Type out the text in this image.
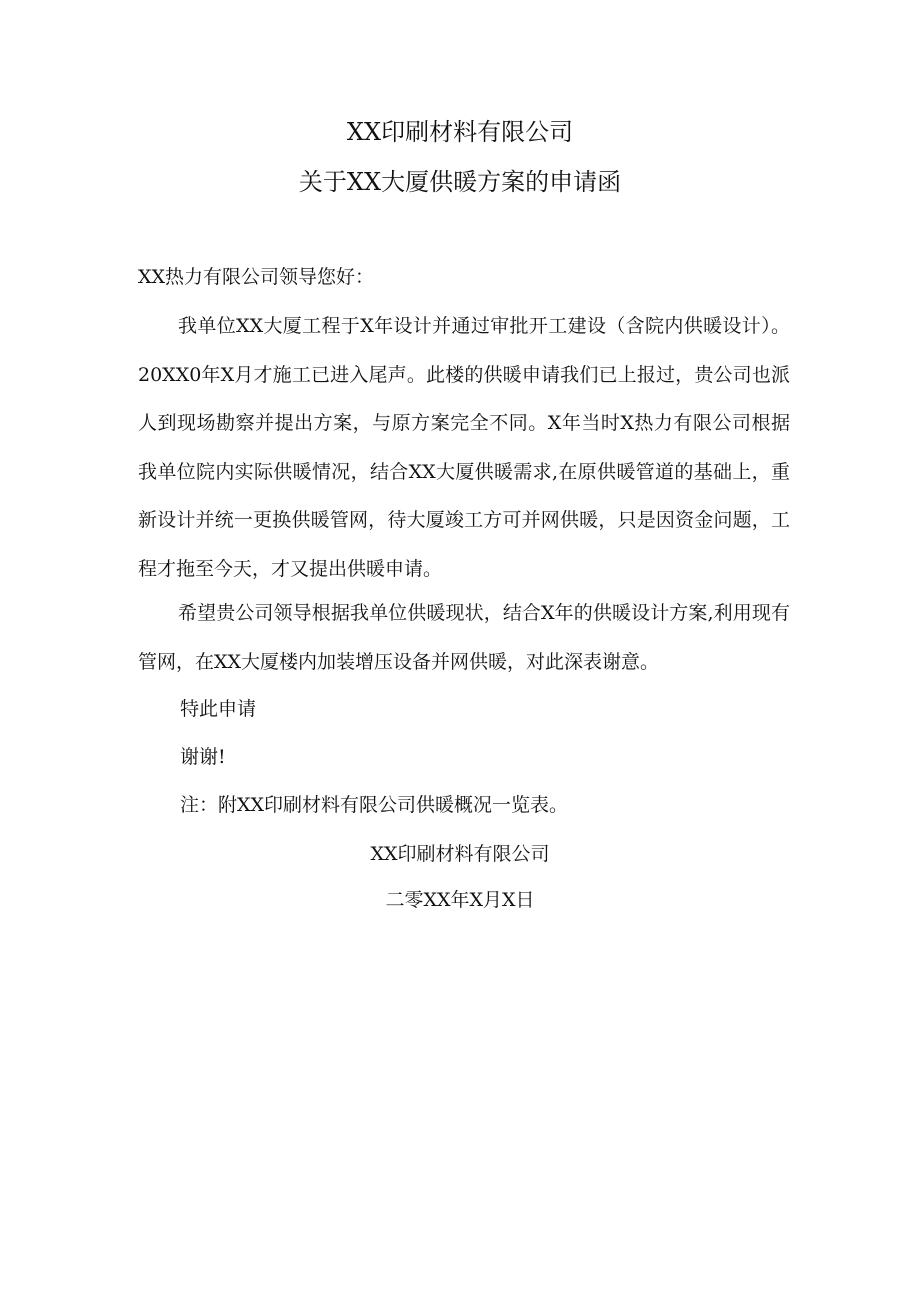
XX印刷材料有限公司
关于XX大厦供暖方案的申请函
XX热力有限公司领导您好：

我单位XX大厦工程于X年设计并通过审批开工建设（含院内供暖设计）。20XX0年X月才施工已进入尾声。此楼的供暖申请我们已上报过，贵公司也派人到现场勘察并提出方案，与原方案完全不同。X年当时X热力有限公司根据我单位院内实际供暖情况，结合XX大厦供暖需求,在原供暖管道的基础上，重新设计并统一更换供暖管网，待大厦竣工方可并网供暖，只是因资金问题，工程才拖至今天，才又提出供暖申请。

希望贵公司领导根据我单位供暖现状，结合X年的供暖设计方案,利用现有管网，在XX大厦楼内加装增压设备并网供暖，对此深表谢意。

特此申请
谢谢!
注：附XX印刷材料有限公司供暖概况一览表。
XX印刷材料有限公司
二零XX年X月X日
